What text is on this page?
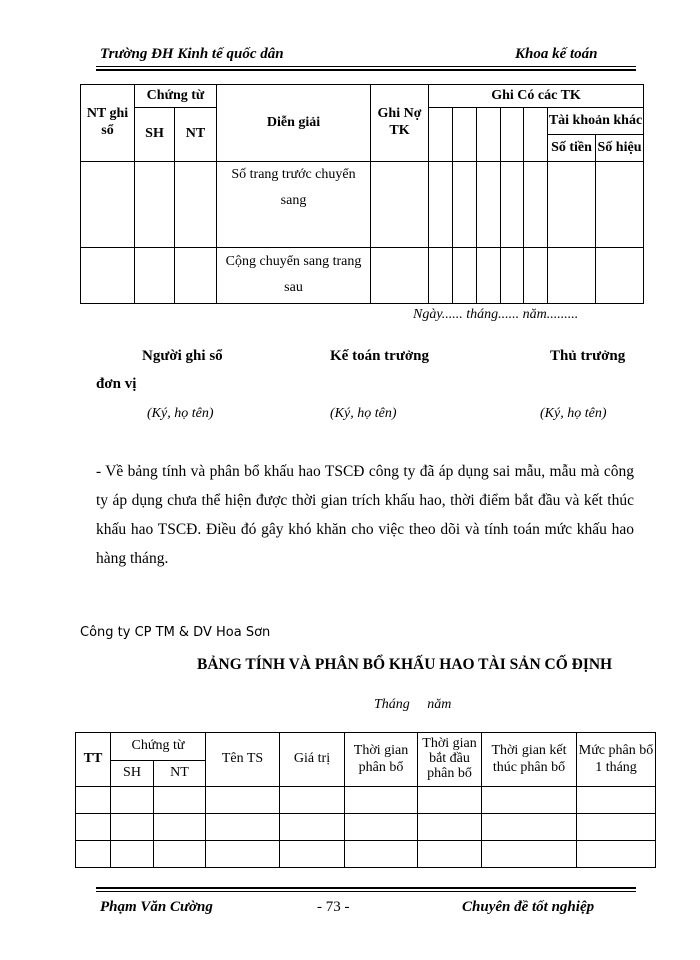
Trường ĐH Kinh tế quốc dân	Khoa kế toán
NT ghi sổ	Chứng từ		Diễn giải	Ghi Nợ TK	Ghi Có các TK						
	SH	NT								Tài khoản khác	
										Số tiền	Số hiệu
			Số trang trước chuyển sang								
			Cộng chuyển sang trang sau								
Ngày...... tháng...... năm.........
Người ghi sổ	Kế toán trưởng	Thủ trưởng
đơn vị
(Ký, họ tên)	(Ký, họ tên)	(Ký, họ tên)
- Về bảng tính và phân bổ khấu hao TSCĐ công ty đã áp dụng sai mẫu, mẫu mà công ty áp dụng chưa thể hiện được thời gian trích khấu hao, thời điểm bắt đầu và kết thúc khấu hao TSCĐ. Điều đó gây khó khăn cho việc theo dõi và tính toán mức khấu hao hàng tháng.
Công ty CP TM & DV Hoa Sơn
BẢNG TÍNH VÀ PHÂN BỔ KHẤU HAO TÀI SẢN CỐ ĐỊNH
Tháng     năm
TT	Chứng từ		Tên TS	Giá trị	Thời gian phân bổ	Thời gian bắt đầu phân bổ	Thời gian kết thúc phân bổ	Mức phân bổ 1 tháng
	SH	NT						

Phạm Văn Cường	- 73 -	Chuyên đề tốt nghiệp
